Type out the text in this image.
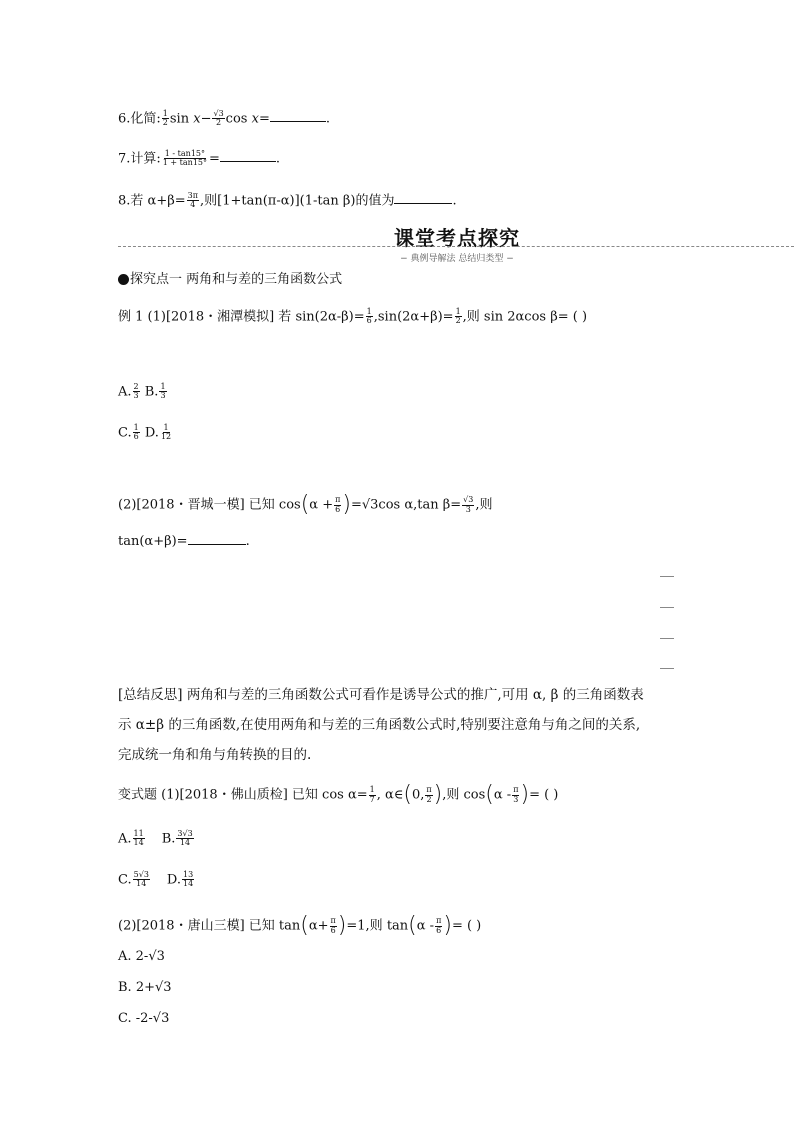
6.化简: $\frac{1}{2}$ $\sin x- \frac{√3}{2}$ cos x=	.
7.计算: $\frac{1 - \tan 15^\circ}{1 + \tan 15^\circ}$ =	.
8.若 $\alpha+\beta= \frac{3\pi}{4}$ ,则[1+tan(π-α)](1-tan β)的值为	.
课堂考点探究
− 典例导解法 总结归类型 −
探究点一 两角和与差的三角函数公式
例 1 (1)[2018・湘潭模拟] 若 $\sin(2\alpha-\beta)= \frac{1}{6} ,\sin(2\alpha+\beta)= \frac{1}{2}$ ,则 sin 2αcos β= ( )
A. $\frac{2}{3} B$. $\frac{1}{3}$
C. $\frac{1}{6} D$. $\frac{1}{12}$
(2)[2018・晋城一模] 已知 $\cos(\alpha + \frac{\pi}{6} )=√3\cos$ α,tan $\beta= \frac{√3}{3}$ ,则
tan(α+β)=	.
[总结反思] 两角和与差的三角函数公式可看作是诱导公式的推广,可用 α, β 的三角函数表
示 α±β 的三角函数,在使用两角和与差的三角函数公式时,特别要注意角与角之间的关系,
完成统一角和角与角转换的目的.
变式题 (1)[2018・佛山质检] 已知 $\cos \alpha= \frac{1}{7}$ , α∈(0, $\frac{\pi}{2}$ ),则 $\cos(\alpha - \frac{\pi}{3}$ )= ( )
A. $\frac{11}{14} B$. $\frac{3√3}{14}$
C. $\frac{5√3}{14} D$. $\frac{13}{14}$
(2)[2018・唐山三模] 已知 $\tan(\alpha+ \frac{\pi}{6} )=1$,则 $\tan(\alpha - \frac{\pi}{6}$ )= ( )
A. 2-√3
B. 2+√3
C. -2-√3
